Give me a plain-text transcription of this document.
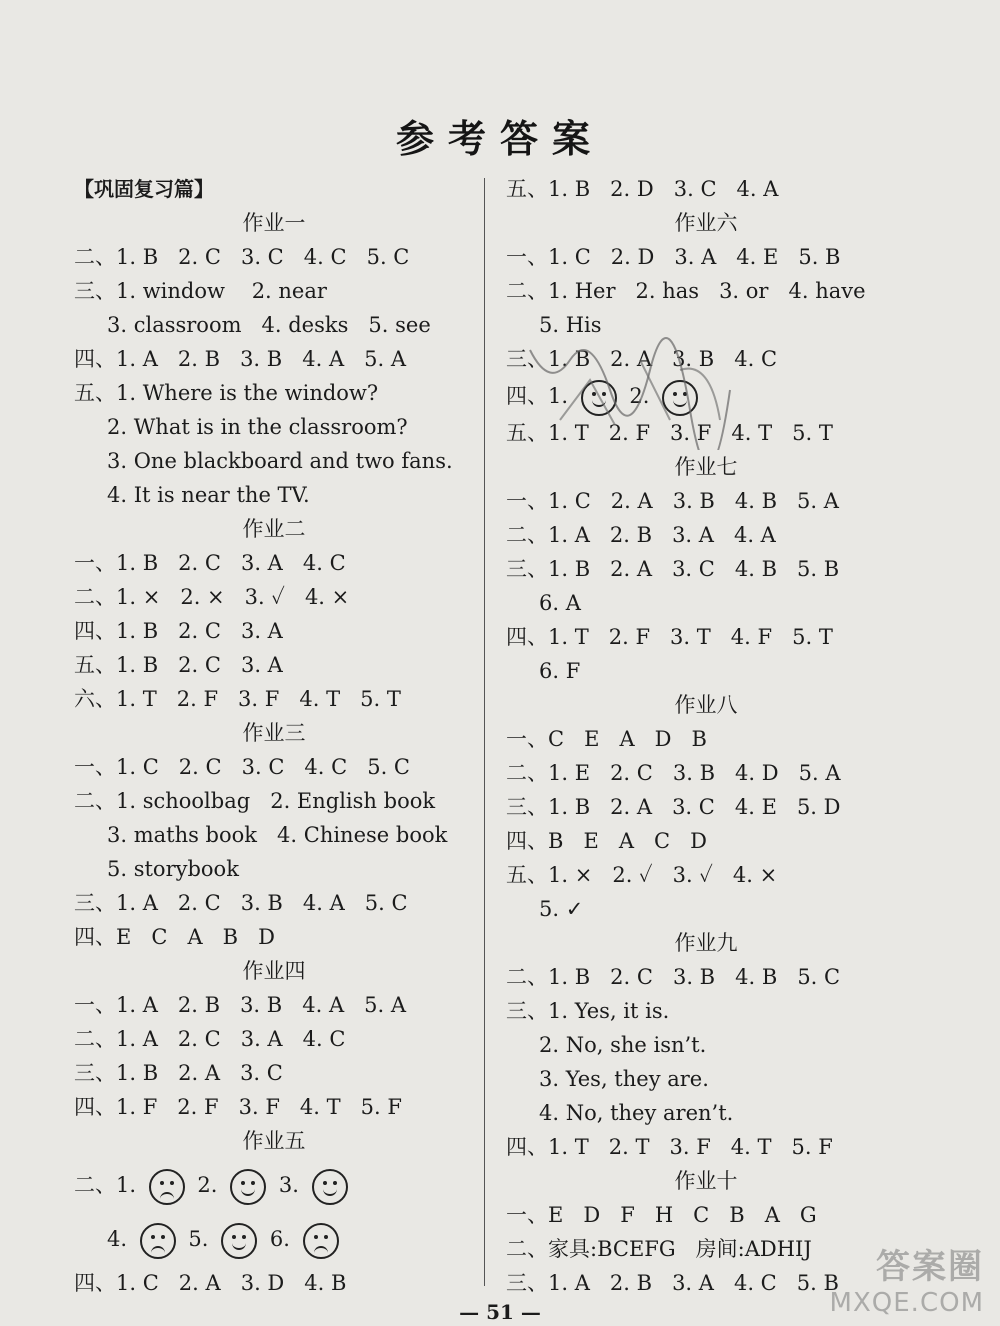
参考答案
【巩固复习篇】
作业一
二、1. B   2. C   3. C   4. C   5. C
三、1. window    2. near
3. classroom   4. desks   5. see
四、1. A   2. B   3. B   4. A   5. A
五、1. Where is the window?
2. What is in the classroom?
3. One blackboard and two fans.
4. It is near the TV.
作业二
一、1. B   2. C   3. A   4. C
二、1. ×   2. ×   3. ✓   4. ×
四、1. B   2. C   3. A
五、1. B   2. C   3. A
六、1. T   2. F   3. F   4. T   5. T
作业三
一、1. C   2. C   3. C   4. C   5. C
二、1. schoolbag   2. English book
3. maths book   4. Chinese book
5. storybook
三、1. A   2. C   3. B   4. A   5. C
四、E   C   A   B   D
作业四
一、1. A   2. B   3. B   4. A   5. A
二、1. A   2. C   3. A   4. C
三、1. B   2. A   3. C
四、1. F   2. F   3. F   4. T   5. F
作业五
二、1.	2.	3.
4.	5.	6.
四、1. C   2. A   3. D   4. B
五、1. B   2. D   3. C   4. A
作业六
一、1. C   2. D   3. A   4. E   5. B
二、1. Her   2. has   3. or   4. have
5. His
三、1. B   2. A   3. B   4. C
四、1.	2.
五、1. T   2. F   3. F   4. T   5. T
作业七
一、1. C   2. A   3. B   4. B   5. A
二、1. A   2. B   3. A   4. A
三、1. B   2. A   3. C   4. B   5. B
6. A
四、1. T   2. F   3. T   4. F   5. T
6. F
作业八
一、C   E   A   D   B
二、1. E   2. C   3. B   4. D   5. A
三、1. B   2. A   3. C   4. E   5. D
四、B   E   A   C   D
五、1. ×   2. ✓   3. ✓   4. ×
5. ✓
作业九
二、1. B   2. C   3. B   4. B   5. C
三、1. Yes, it is.
2. No, she isn’t.
3. Yes, they are.
4. No, they aren’t.
四、1. T   2. T   3. F   4. T   5. F
作业十
一、E   D   F   H   C   B   A   G
二、家具:BCEFG   房间:ADHIJ
三、1. A   2. B   3. A   4. C   5. B
— 51 —
答案圈
MXQE.COM
